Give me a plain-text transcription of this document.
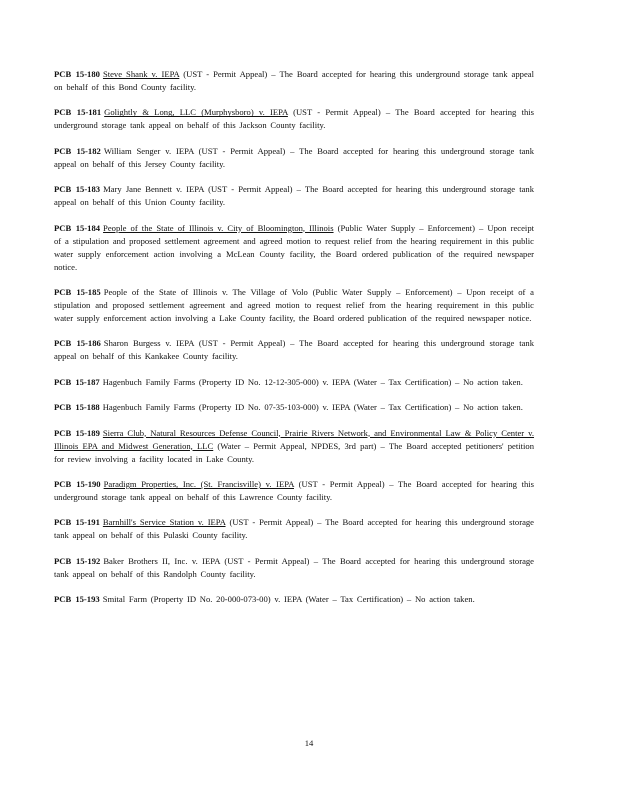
PCB 15-180 Steve Shank v. IEPA (UST - Permit Appeal) – The Board accepted for hearing this underground storage tank appeal on behalf of this Bond County facility.

PCB 15-181 Golightly & Long, LLC (Murphysboro) v. IEPA (UST - Permit Appeal) – The Board accepted for hearing this underground storage tank appeal on behalf of this Jackson County facility.

PCB 15-182 William Senger v. IEPA (UST - Permit Appeal) – The Board accepted for hearing this underground storage tank appeal on behalf of this Jersey County facility.

PCB 15-183 Mary Jane Bennett v. IEPA (UST - Permit Appeal) – The Board accepted for hearing this underground storage tank appeal on behalf of this Union County facility.

PCB 15-184 People of the State of Illinois v. City of Bloomington, Illinois (Public Water Supply – Enforcement) – Upon receipt of a stipulation and proposed settlement agreement and agreed motion to request relief from the hearing requirement in this public water supply enforcement action involving a McLean County facility, the Board ordered publication of the required newspaper notice.

PCB 15-185 People of the State of Illinois v. The Village of Volo (Public Water Supply – Enforcement) – Upon receipt of a stipulation and proposed settlement agreement and agreed motion to request relief from the hearing requirement in this public water supply enforcement action involving a Lake County facility, the Board ordered publication of the required newspaper notice.

PCB 15-186 Sharon Burgess v. IEPA (UST - Permit Appeal) – The Board accepted for hearing this underground storage tank appeal on behalf of this Kankakee County facility.

PCB 15-187 Hagenbuch Family Farms (Property ID No. 12-12-305-000) v. IEPA (Water – Tax Certification) – No action taken.

PCB 15-188 Hagenbuch Family Farms (Property ID No. 07-35-103-000) v. IEPA (Water – Tax Certification) – No action taken.

PCB 15-189 Sierra Club, Natural Resources Defense Council, Prairie Rivers Network, and Environmental Law & Policy Center v. Illinois EPA and Midwest Generation, LLC (Water – Permit Appeal, NPDES, 3rd part) – The Board accepted petitioners' petition for review involving a facility located in Lake County.

PCB 15-190 Paradigm Properties, Inc. (St. Francisville) v. IEPA (UST - Permit Appeal) – The Board accepted for hearing this underground storage tank appeal on behalf of this Lawrence County facility.

PCB 15-191 Barnhill's Service Station v. IEPA (UST - Permit Appeal) – The Board accepted for hearing this underground storage tank appeal on behalf of this Pulaski County facility.

PCB 15-192 Baker Brothers II, Inc. v. IEPA (UST - Permit Appeal) – The Board accepted for hearing this underground storage tank appeal on behalf of this Randolph County facility.

PCB 15-193 Smital Farm (Property ID No. 20-000-073-00) v. IEPA (Water – Tax Certification) – No action taken.

14
